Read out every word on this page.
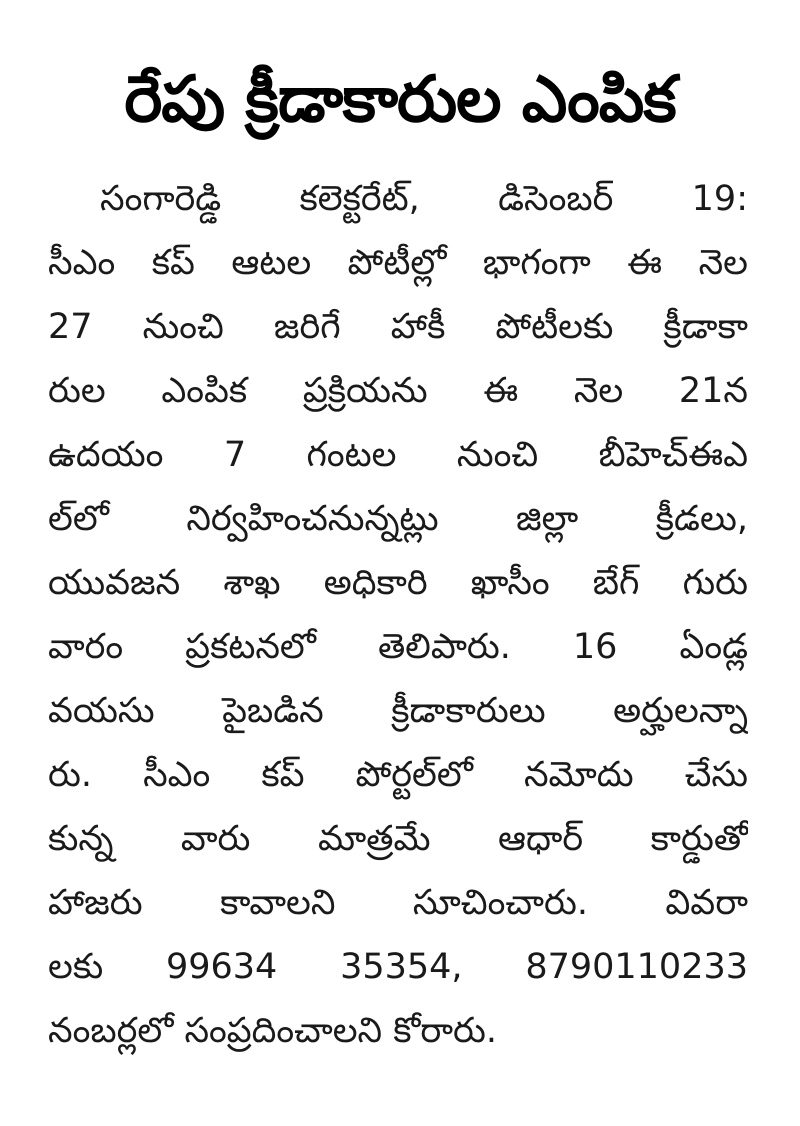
రేపు క్రీడాకారుల ఎంపిక
సంగారెడ్డి కలెక్టరేట్, డిసెంబర్ 19:
సీఎం కప్ ఆటల పోటీల్లో భాగంగా ఈ నెల
27 నుంచి జరిగే హాకీ పోటీలకు క్రీడాకా
రుల ఎంపిక ప్రక్రియను ఈ నెల 21న
ఉదయం 7 గంటల నుంచి బీహెచ్ఈఎ
ల్‌లో నిర్వహించనున్నట్లు జిల్లా క్రీడలు,
యువజన శాఖ అధికారి ఖాసీం బేగ్ గురు
వారం ప్రకటనలో తెలిపారు. 16 ఏండ్ల
వయసు పైబడిన క్రీడాకారులు అర్హులన్నా
రు. సీఎం కప్ పోర్టల్‌లో నమోదు చేసు
కున్న వారు మాత్రమే ఆధార్ కార్డుతో
హాజరు కావాలని సూచించారు. వివరా
లకు 99634 35354, 8790110233
నంబర్లలో సంప్రదించాలని కోరారు.
